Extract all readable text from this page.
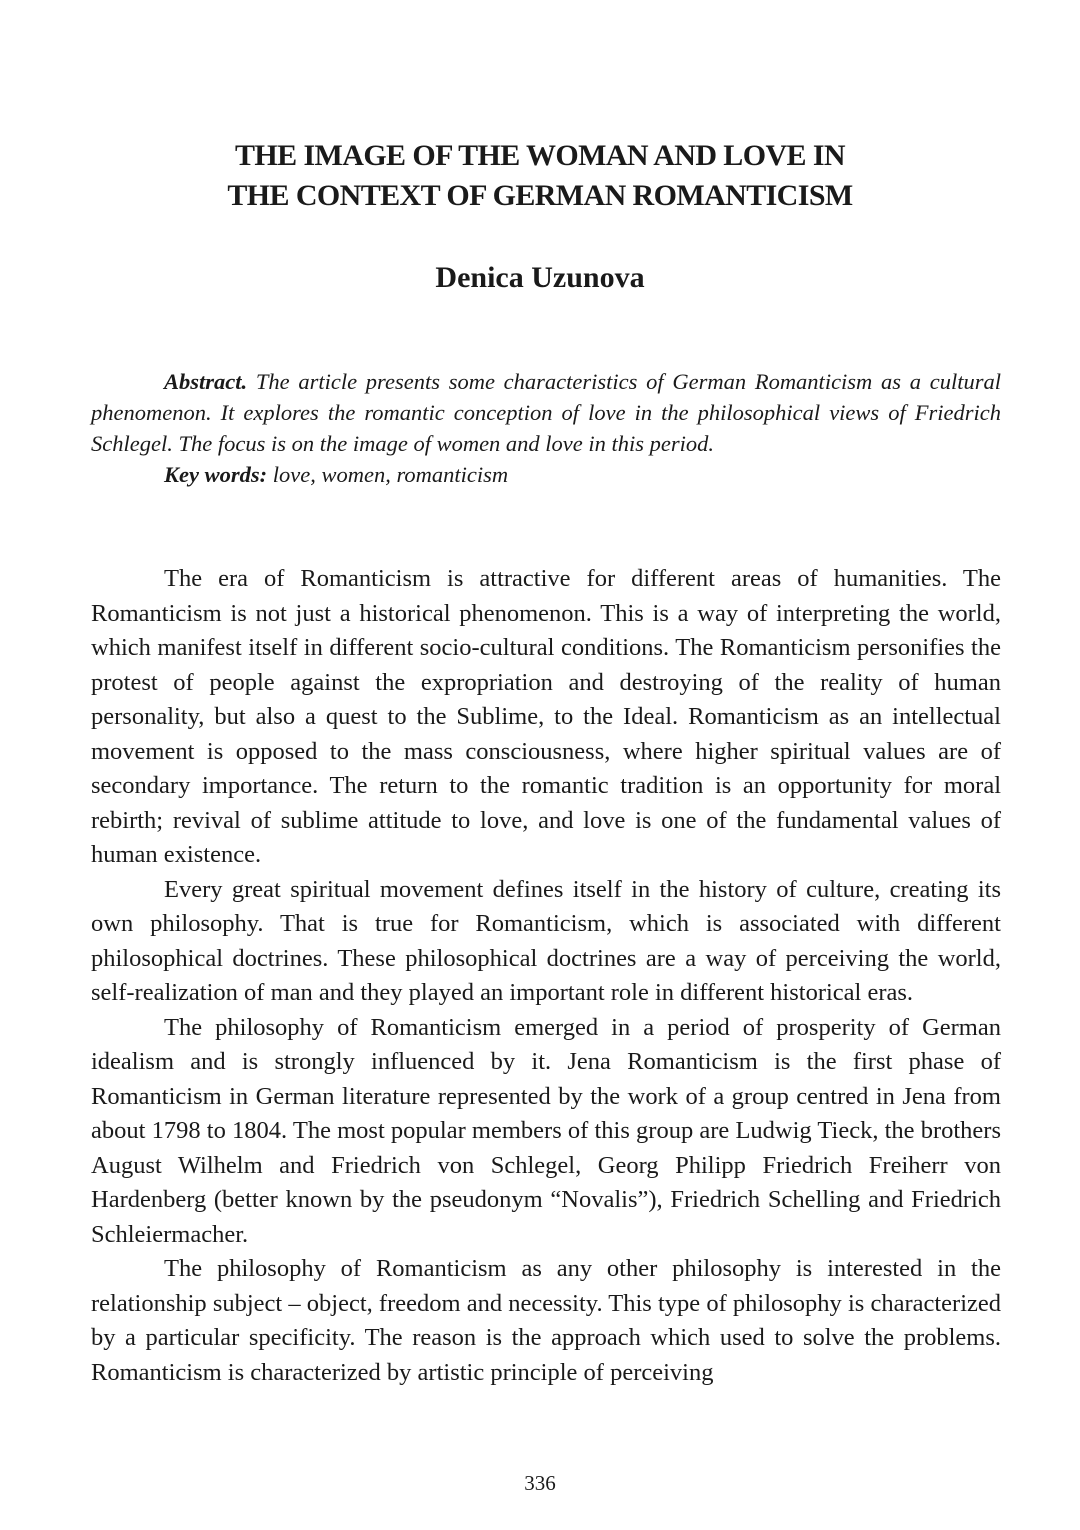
THE IMAGE OF THE WOMAN AND LOVE IN
THE CONTEXT OF GERMAN ROMANTICISM
Denica Uzunova

Abstract. The article presents some characteristics of German Romanticism as a cultural phenomenon. It explores the romantic conception of love in the philosophical views of Friedrich Schlegel. The focus is on the image of women and love in this period.

Key words: love, women, romanticism

The era of Romanticism is attractive for different areas of humanities. The Romanticism is not just a historical phenomenon. This is a way of interpreting the world, which manifest itself in different socio-cultural conditions. The Romanticism personifies the protest of people against the expropriation and destroying of the reality of human personality, but also a quest to the Sublime, to the Ideal. Romanticism as an intellectual movement is opposed to the mass consciousness, where higher spiritual values are of secondary importance. The return to the romantic tradition is an opportunity for moral rebirth; revival of sublime attitude to love, and love is one of the fundamental values of human existence.

Every great spiritual movement defines itself in the history of culture, creating its own philosophy. That is true for Romanticism, which is associated with different philosophical doctrines. These philosophical doctrines are a way of perceiving the world, self-realization of man and they played an important role in different historical eras.

The philosophy of Romanticism emerged in a period of prosperity of German idealism and is strongly influenced by it. Jena Romanticism is the first phase of Romanticism in German literature represented by the work of a group centred in Jena from about 1798 to 1804. The most popular members of this group are Ludwig Tieck, the brothers August Wilhelm and Friedrich von Schlegel, Georg Philipp Friedrich Freiherr von Hardenberg (better known by the pseudonym “Novalis”), Friedrich Schelling and Friedrich Schleiermacher.

The philosophy of Romanticism as any other philosophy is interested in the relationship subject – object, freedom and necessity. This type of philosophy is characterized by a particular specificity. The reason is the approach which used to solve the problems. Romanticism is characterized by artistic principle of perceiving

336
